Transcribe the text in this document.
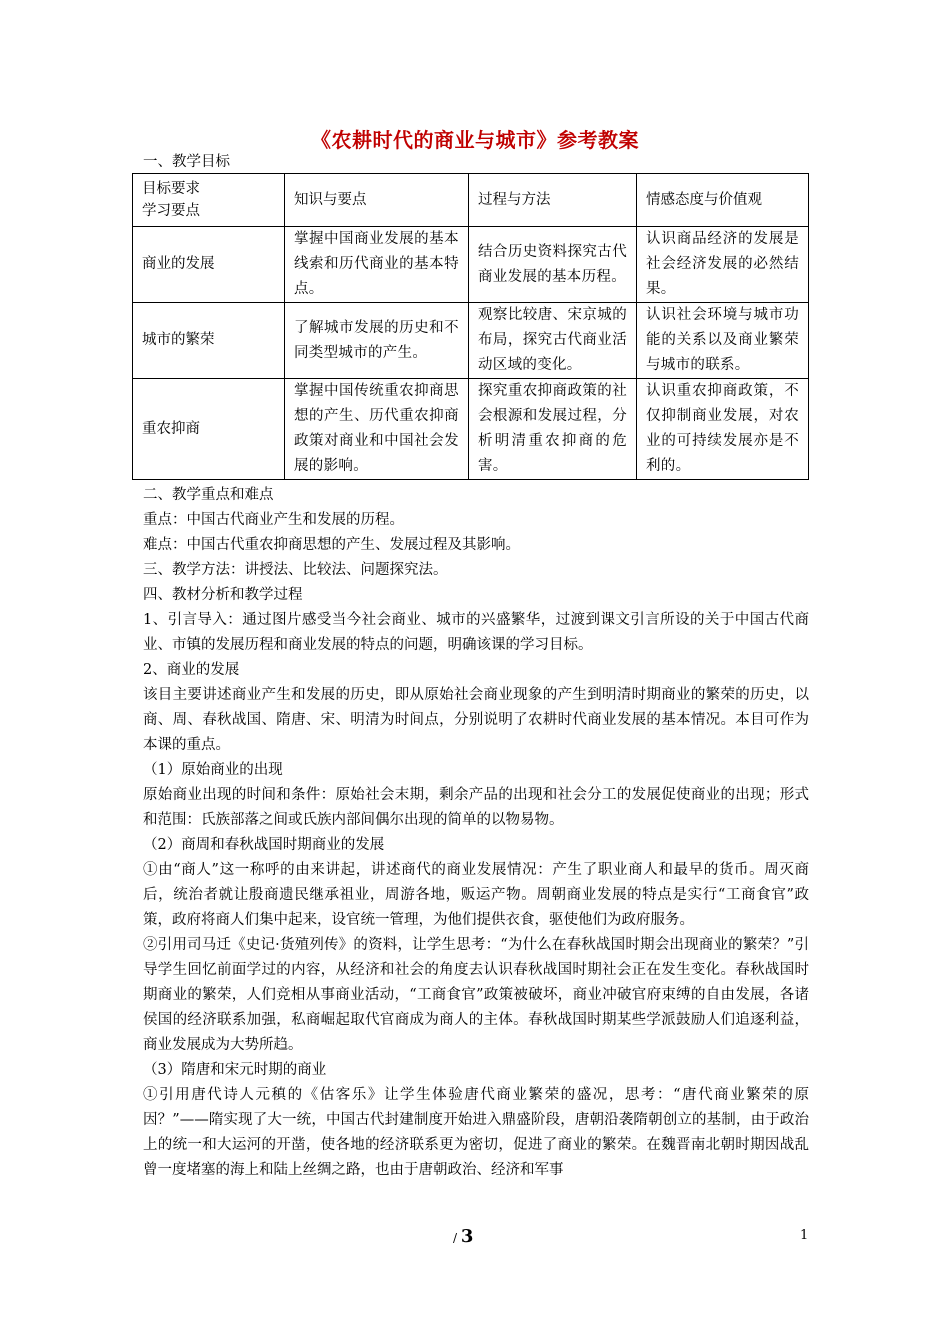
《农耕时代的商业与城市》参考教案
一、教学目标
目标要求
学习要点	知识与要点	过程与方法	情感态度与价值观
商业的发展	掌握中国商业发展的基本线索和历代商业的基本特点。	结合历史资料探究古代商业发展的基本历程。	认识商品经济的发展是社会经济发展的必然结果。
城市的繁荣	了解城市发展的历史和不同类型城市的产生。	观察比较唐、宋京城的布局，探究古代商业活动区域的变化。	认识社会环境与城市功能的关系以及商业繁荣与城市的联系。
重农抑商	掌握中国传统重农抑商思想的产生、历代重农抑商政策对商业和中国社会发展的影响。	探究重农抑商政策的社会根源和发展过程，分析明清重农抑商的危害。	认识重农抑商政策，不仅抑制商业发展，对农业的可持续发展亦是不利的。

二、教学重点和难点

重点：中国古代商业产生和发展的历程。

难点：中国古代重农抑商思想的产生、发展过程及其影响。

三、教学方法：讲授法、比较法、问题探究法。

四、教材分析和教学过程

1、引言导入：通过图片感受当今社会商业、城市的兴盛繁华，过渡到课文引言所设的关于中国古代商业、市镇的发展历程和商业发展的特点的问题，明确该课的学习目标。

2、商业的发展

该目主要讲述商业产生和发展的历史，即从原始社会商业现象的产生到明清时期商业的繁荣的历史，以商、周、春秋战国、隋唐、宋、明清为时间点，分别说明了农耕时代商业发展的基本情况。本目可作为本课的重点。

（1）原始商业的出现

原始商业出现的时间和条件：原始社会末期，剩余产品的出现和社会分工的发展促使商业的出现；形式和范围：氏族部落之间或氏族内部间偶尔出现的简单的以物易物。

（2）商周和春秋战国时期商业的发展

①由“商人”这一称呼的由来讲起，讲述商代的商业发展情况：产生了职业商人和最早的货币。周灭商后，统治者就让殷商遗民继承祖业，周游各地，贩运产物。周朝商业发展的特点是实行“工商食官”政策，政府将商人们集中起来，设官统一管理，为他们提供衣食，驱使他们为政府服务。

②引用司马迁《史记·货殖列传》的资料，让学生思考：“为什么在春秋战国时期会出现商业的繁荣？”引导学生回忆前面学过的内容，从经济和社会的角度去认识春秋战国时期社会正在发生变化。春秋战国时期商业的繁荣，人们竞相从事商业活动，“工商食官”政策被破坏，商业冲破官府束缚的自由发展，各诸侯国的经济联系加强，私商崛起取代官商成为商人的主体。春秋战国时期某些学派鼓励人们追逐利益，商业发展成为大势所趋。

（3）隋唐和宋元时期的商业

①引用唐代诗人元稹的《估客乐》让学生体验唐代商业繁荣的盛况，思考：“唐代商业繁荣的原因？”——隋实现了大一统，中国古代封建制度开始进入鼎盛阶段，唐朝沿袭隋朝创立的基制，由于政治上的统一和大运河的开凿，使各地的经济联系更为密切，促进了商业的繁荣。在魏晋南北朝时期因战乱曾一度堵塞的海上和陆上丝绸之路，也由于唐朝政治、经济和军事

/ 3	1
